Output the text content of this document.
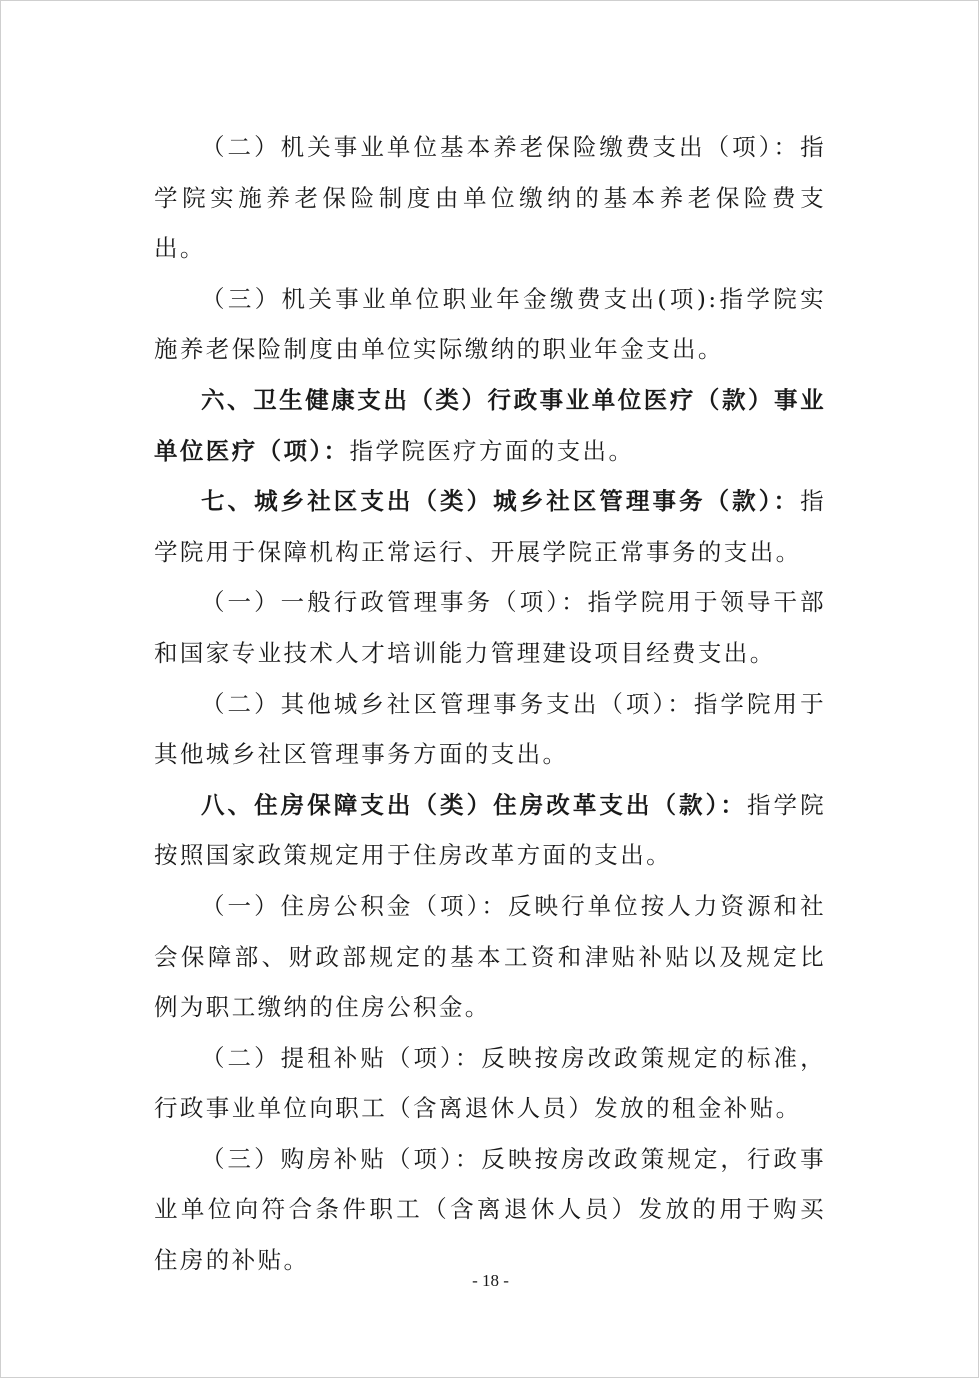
（二）机关事业单位基本养老保险缴费支出（项）：指学院实施养老保险制度由单位缴纳的基本养老保险费支出。

（三）机关事业单位职业年金缴费支出(项):指学院实施养老保险制度由单位实际缴纳的职业年金支出。

六、卫生健康支出（类）行政事业单位医疗（款）事业单位医疗（项）：指学院医疗方面的支出。

七、城乡社区支出（类）城乡社区管理事务（款）：指学院用于保障机构正常运行、开展学院正常事务的支出。

（一）一般行政管理事务（项）：指学院用于领导干部和国家专业技术人才培训能力管理建设项目经费支出。

（二）其他城乡社区管理事务支出（项）：指学院用于其他城乡社区管理事务方面的支出。

八、住房保障支出（类）住房改革支出（款）：指学院按照国家政策规定用于住房改革方面的支出。

（一）住房公积金（项）：反映行单位按人力资源和社会保障部、财政部规定的基本工资和津贴补贴以及规定比例为职工缴纳的住房公积金。

（二）提租补贴（项）：反映按房改政策规定的标准，行政事业单位向职工（含离退休人员）发放的租金补贴。

（三）购房补贴（项）：反映按房改政策规定，行政事业单位向符合条件职工（含离退休人员）发放的用于购买住房的补贴。

- 18 -
